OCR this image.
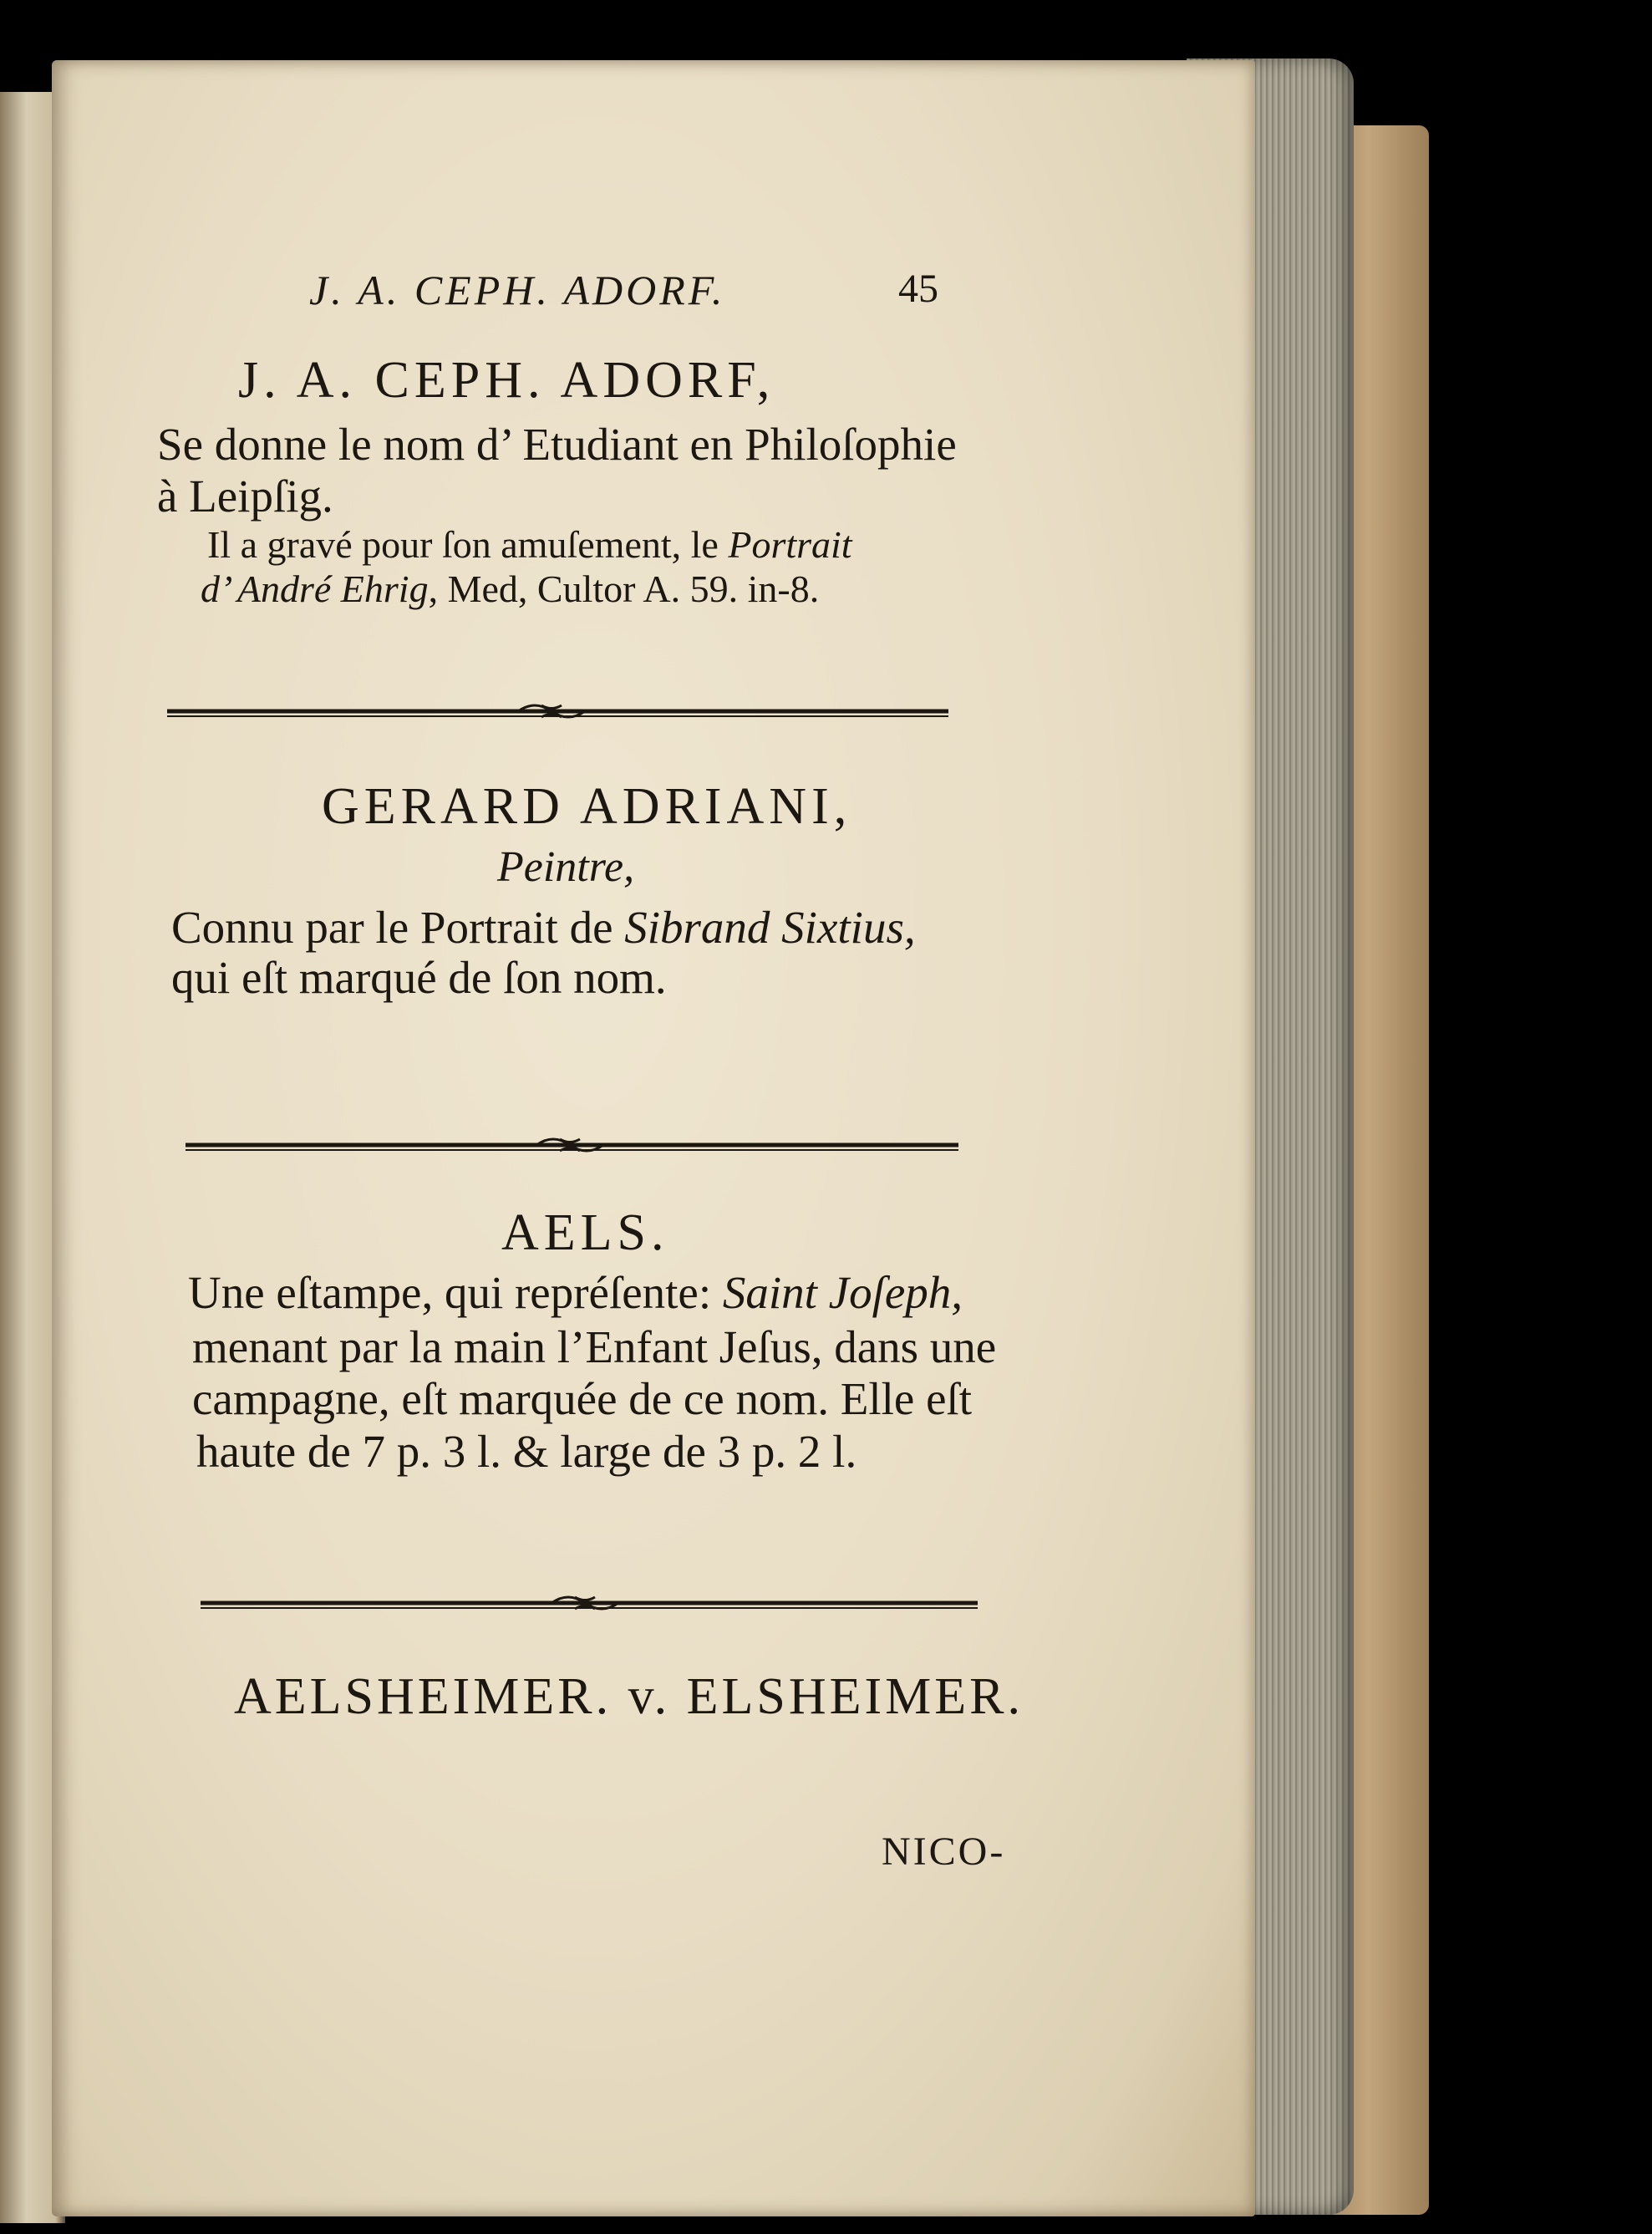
J. A. CEPH. ADORF.	45
J. A. CEPH. ADORF,
Se donne le nom d’ Etudiant en Philoſophie
à Leipſig.
Il a gravé pour ſon amuſement, le Portrait
d’ André Ehrig, Med, Cultor A. 59. in-8.
GERARD ADRIANI,
Peintre,
Connu par le Portrait de Sibrand Sixtius,
qui eſt marqué de ſon nom.
AELS.
Une eſtampe, qui repréſente: Saint Joſeph,
menant par la main l’Enfant Jeſus, dans une
campagne, eſt marquée de ce nom. Elle eſt
haute de 7 p. 3 l. & large de 3 p. 2 l.
AELSHEIMER. v. ELSHEIMER.
NICO-
